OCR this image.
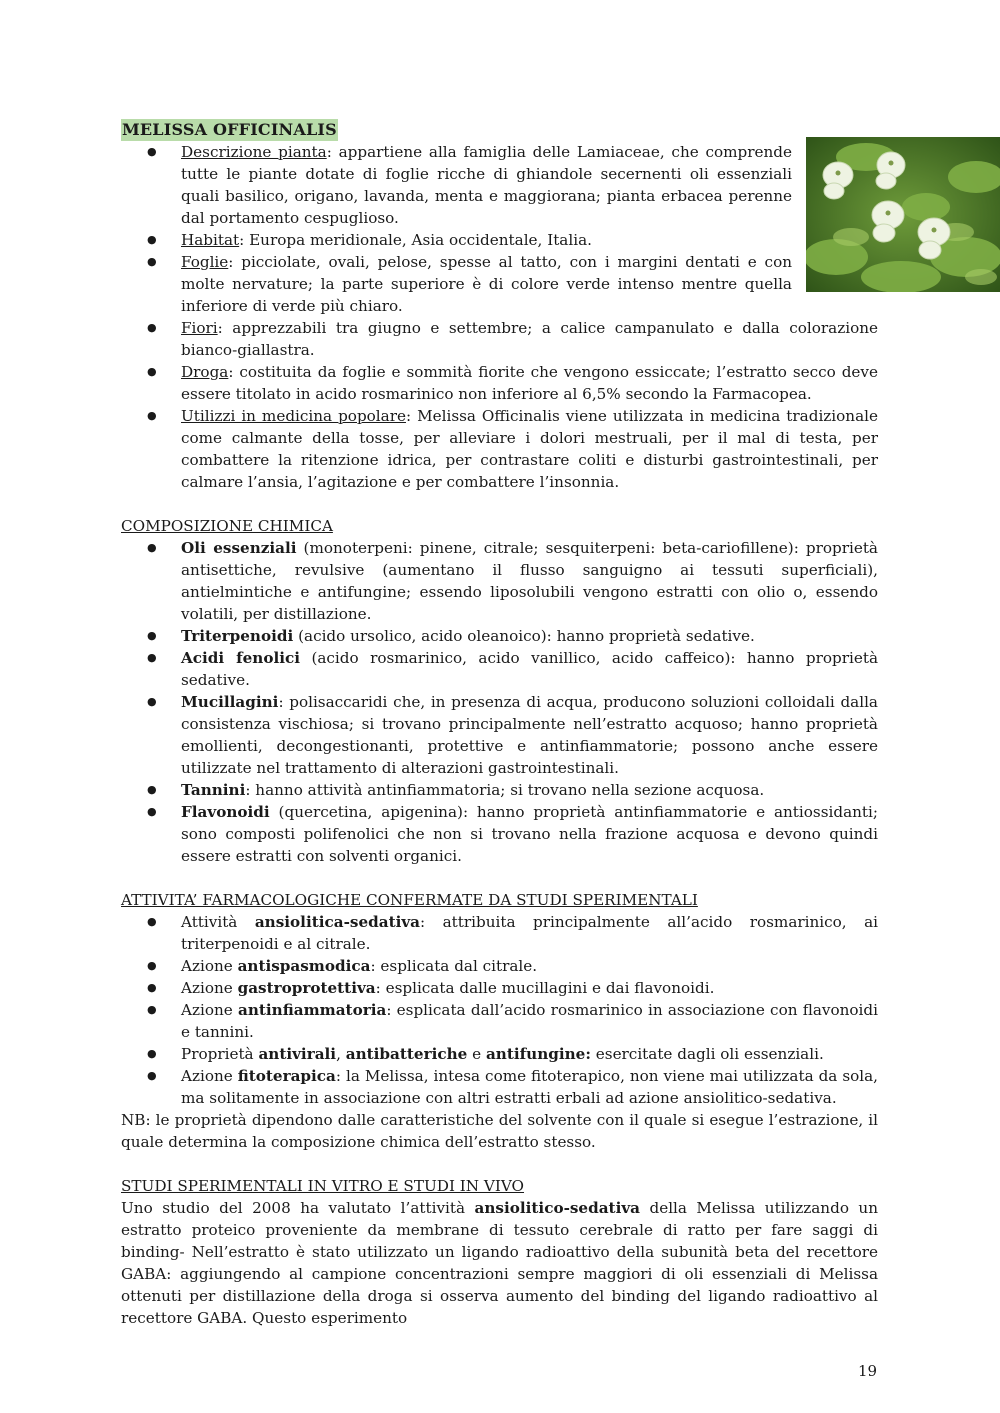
MELISSA OFFICINALIS
● Descrizione pianta: appartiene alla famiglia delle Lamiaceae, che comprende tutte le piante dotate di foglie ricche di ghiandole secernenti oli essenziali quali basilico, origano, lavanda, menta e maggiorana; pianta erbacea perenne dal portamento cespuglioso.
● Habitat: Europa meridionale, Asia occidentale, Italia.
● Foglie: picciolate, ovali, pelose, spesse al tatto, con i margini dentati e con molte nervature; la parte superiore è di colore verde intenso mentre quella inferiore di verde più chiaro.
● Fiori: apprezzabili tra giugno e settembre; a calice campanulato e dalla colorazione bianco-giallastra.
● Droga: costituita da foglie e sommità fiorite che vengono essiccate; l’estratto secco deve essere titolato in acido rosmarinico non inferiore al 6,5% secondo la Farmacopea.
● Utilizzi in medicina popolare: Melissa Officinalis viene utilizzata in medicina tradizionale come calmante della tosse, per alleviare i dolori mestruali, per il mal di testa, per combattere la ritenzione idrica, per contrastare coliti e disturbi gastrointestinali, per calmare l’ansia, l’agitazione e per combattere l’insonnia.
COMPOSIZIONE CHIMICA
● Oli essenziali (monoterpeni: pinene, citrale; sesquiterpeni: beta-cariofillene): proprietà antisettiche, revulsive (aumentano il flusso sanguigno ai tessuti superficiali), antielmintiche e antifungine; essendo liposolubili vengono estratti con olio o, essendo volatili, per distillazione.
● Triterpenoidi (acido ursolico, acido oleanoico): hanno proprietà sedative.
● Acidi fenolici (acido rosmarinico, acido vanillico, acido caffeico): hanno proprietà sedative.
● Mucillagini: polisaccaridi che, in presenza di acqua, producono soluzioni colloidali dalla consistenza vischiosa; si trovano principalmente nell’estratto acquoso; hanno proprietà emollienti, decongestionanti, protettive e antinfiammatorie; possono anche essere utilizzate nel trattamento di alterazioni gastrointestinali.
● Tannini: hanno attività antinfiammatoria; si trovano nella sezione acquosa.
● Flavonoidi (quercetina, apigenina): hanno proprietà antinfiammatorie e antiossidanti; sono composti polifenolici che non si trovano nella frazione acquosa e devono quindi essere estratti con solventi organici.
ATTIVITA’ FARMACOLOGICHE CONFERMATE DA STUDI SPERIMENTALI
● Attività ansiolitica-sedativa: attribuita principalmente all’acido rosmarinico, ai triterpenoidi e al citrale.
● Azione antispasmodica: esplicata dal citrale.
● Azione gastroprotettiva: esplicata dalle mucillagini e dai flavonoidi.
● Azione antinfiammatoria: esplicata dall’acido rosmarinico in associazione con flavonoidi e tannini.
● Proprietà antivirali, antibatteriche e antifungine: esercitate dagli oli essenziali.
● Azione fitoterapica: la Melissa, intesa come fitoterapico, non viene mai utilizzata da sola, ma solitamente in associazione con altri estratti erbali ad azione ansiolitico-sedativa.
NB: le proprietà dipendono dalle caratteristiche del solvente con il quale si esegue l’estrazione, il quale determina la composizione chimica dell’estratto stesso.
STUDI SPERIMENTALI IN VITRO E STUDI IN VIVO
Uno studio del 2008 ha valutato l’attività ansiolitico-sedativa della Melissa utilizzando un estratto proteico proveniente da membrane di tessuto cerebrale di ratto per fare saggi di binding- Nell’estratto è stato utilizzato un ligando radioattivo della subunità beta del recettore GABA: aggiungendo al campione concentrazioni sempre maggiori di oli essenziali di Melissa ottenuti per distillazione della droga si osserva aumento del binding del ligando radioattivo al recettore GABA. Questo esperimento
19
